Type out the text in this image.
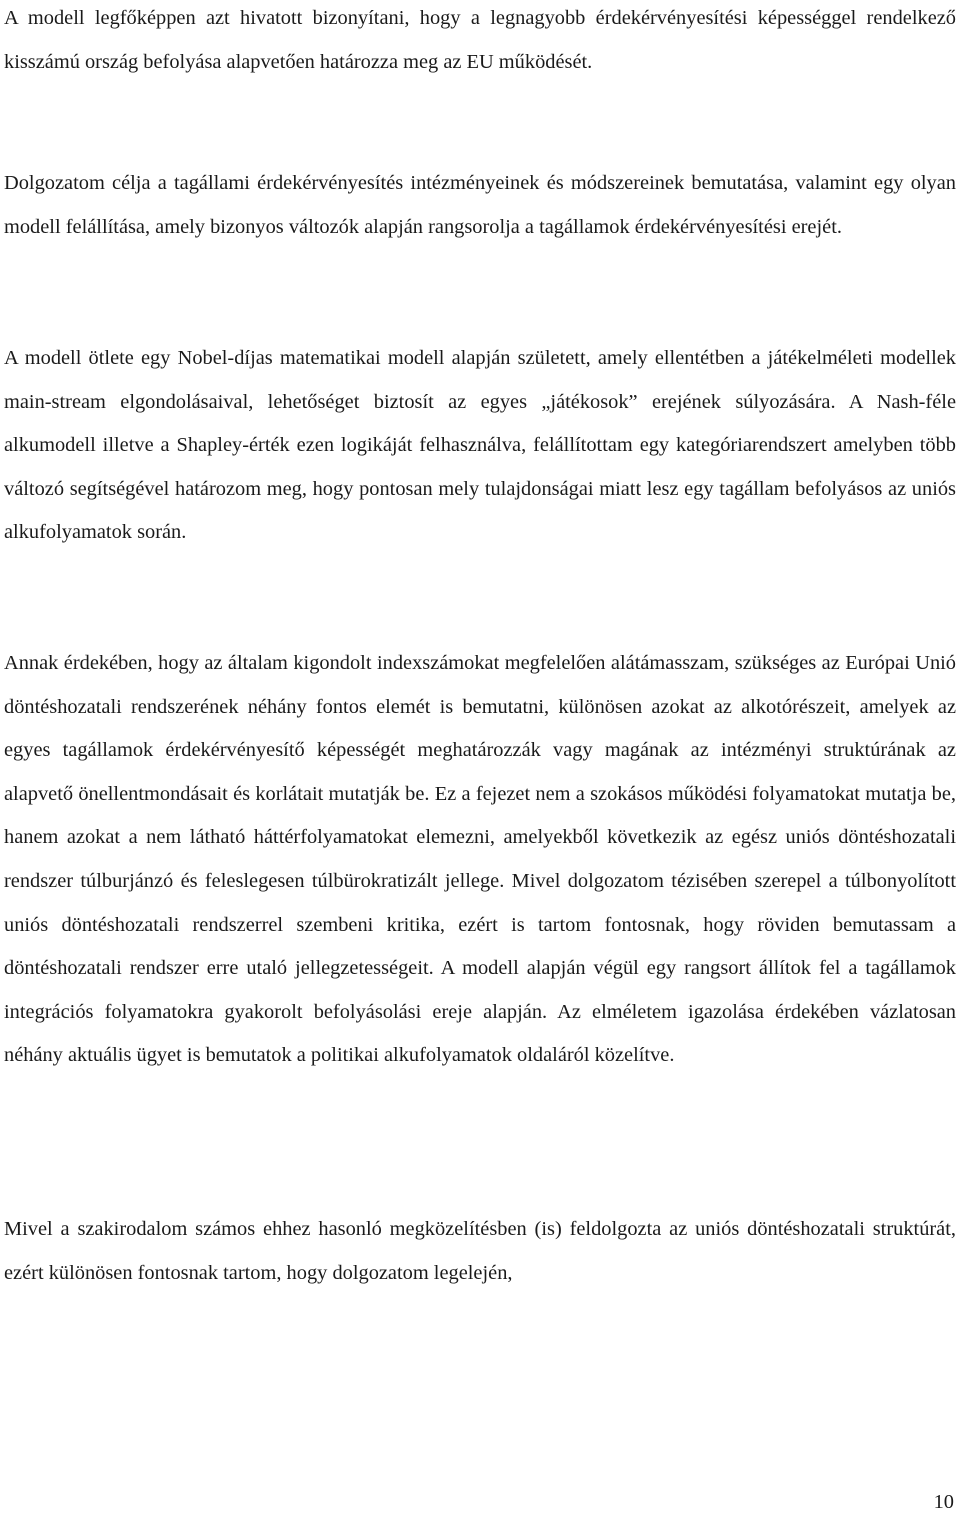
A modell legfőképpen azt hivatott bizonyítani, hogy a legnagyobb érdekérvényesítési képességgel rendelkező kisszámú ország befolyása alapvetően határozza meg az EU működését.

Dolgozatom célja a tagállami érdekérvényesítés intézményeinek és módszereinek bemutatása, valamint egy olyan modell felállítása, amely bizonyos változók alapján rangsorolja a tagállamok érdekérvényesítési erejét.

A modell ötlete egy Nobel-díjas matematikai modell alapján született, amely ellentétben a játékelméleti modellek main-stream elgondolásaival, lehetőséget biztosít az egyes „játékosok” erejének súlyozására. A Nash-féle alkumodell illetve a Shapley-érték ezen logikáját felhasználva, felállítottam egy kategóriarendszert amelyben több változó segítségével határozom meg, hogy pontosan mely tulajdonságai miatt lesz egy tagállam befolyásos az uniós alkufolyamatok során.

Annak érdekében, hogy az általam kigondolt indexszámokat megfelelően alátámasszam, szükséges az Európai Unió döntéshozatali rendszerének néhány fontos elemét is bemutatni, különösen azokat az alkotórészeit, amelyek az egyes tagállamok érdekérvényesítő képességét meghatározzák vagy magának az intézményi struktúrának az alapvető önellentmondásait és korlátait mutatják be. Ez a fejezet nem a szokásos működési folyamatokat mutatja be, hanem azokat a nem látható háttérfolyamatokat elemezni, amelyekből következik az egész uniós döntéshozatali rendszer túlburjánzó és feleslegesen túlbürokratizált jellege. Mivel dolgozatom tézisében szerepel a túlbonyolított uniós döntéshozatali rendszerrel szembeni kritika, ezért is tartom fontosnak, hogy röviden bemutassam a döntéshozatali rendszer erre utaló jellegzetességeit. A modell alapján végül egy rangsort állítok fel a tagállamok integrációs folyamatokra gyakorolt befolyásolási ereje alapján. Az elméletem igazolása érdekében vázlatosan néhány aktuális ügyet is bemutatok a politikai alkufolyamatok oldaláról közelítve.

Mivel a szakirodalom számos ehhez hasonló megközelítésben (is) feldolgozta az uniós döntéshozatali struktúrát, ezért különösen fontosnak tartom, hogy dolgozatom legelején,

10
